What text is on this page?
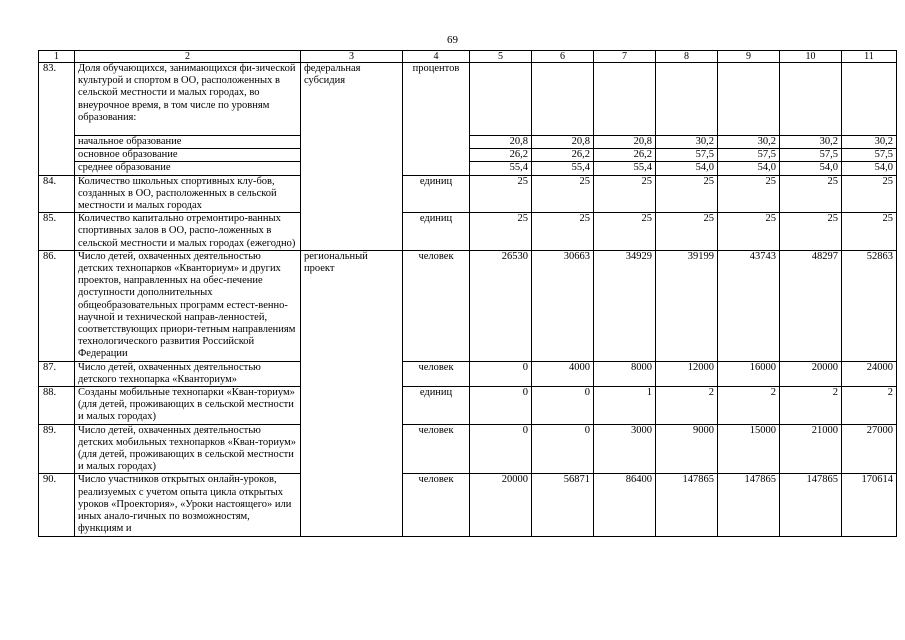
69
1	2	3	4	5	6	7	8	9	10	11
83.	Доля обучающихся, занимающихся фи-зической культурой и спортом в ОО, расположенных в сельской местности и малых городах, во внеурочное время, в том числе по уровням образования:	федеральная субсидия	процентов							
	начальное образование			20,8	20,8	20,8	30,2	30,2	30,2	30,2
	основное образование			26,2	26,2	26,2	57,5	57,5	57,5	57,5
	среднее образование			55,4	55,4	55,4	54,0	54,0	54,0	54,0
84.	Количество школьных спортивных клу-бов, созданных в ОО, расположенных в сельской местности и малых городах		единиц	25	25	25	25	25	25	25
85.	Количество капитально отремонтиро-ванных спортивных залов в ОО, распо-ложенных в сельской местности и малых городах (ежегодно)		единиц	25	25	25	25	25	25	25
86.	Число детей, охваченных деятельностью детских технопарков «Кванториум» и других проектов, направленных на обес-печение доступности дополнительных общеобразовательных программ естест-венно-научной и технической направ-ленностей, соответствующих приори-тетным направлениям технологического развития Российской Федерации	региональный проект	человек	26530	30663	34929	39199	43743	48297	52863
87.	Число детей, охваченных деятельностью детского технопарка «Кванториум»		человек	0	4000	8000	12000	16000	20000	24000
88.	Созданы мобильные технопарки «Кван-ториум» (для детей, проживающих в сельской местности и малых городах)		единиц	0	0	1	2	2	2	2
89.	Число детей, охваченных деятельностью детских мобильных технопарков «Кван-ториум» (для детей, проживающих в сельской местности и малых городах)		человек	0	0	3000	9000	15000	21000	27000
90.	Число участников открытых онлайн-уроков, реализуемых с учетом опыта цикла открытых уроков «Проектория», «Уроки настоящего» или иных анало-гичных по возможностям, функциям и		человек	20000	56871	86400	147865	147865	147865	170614
